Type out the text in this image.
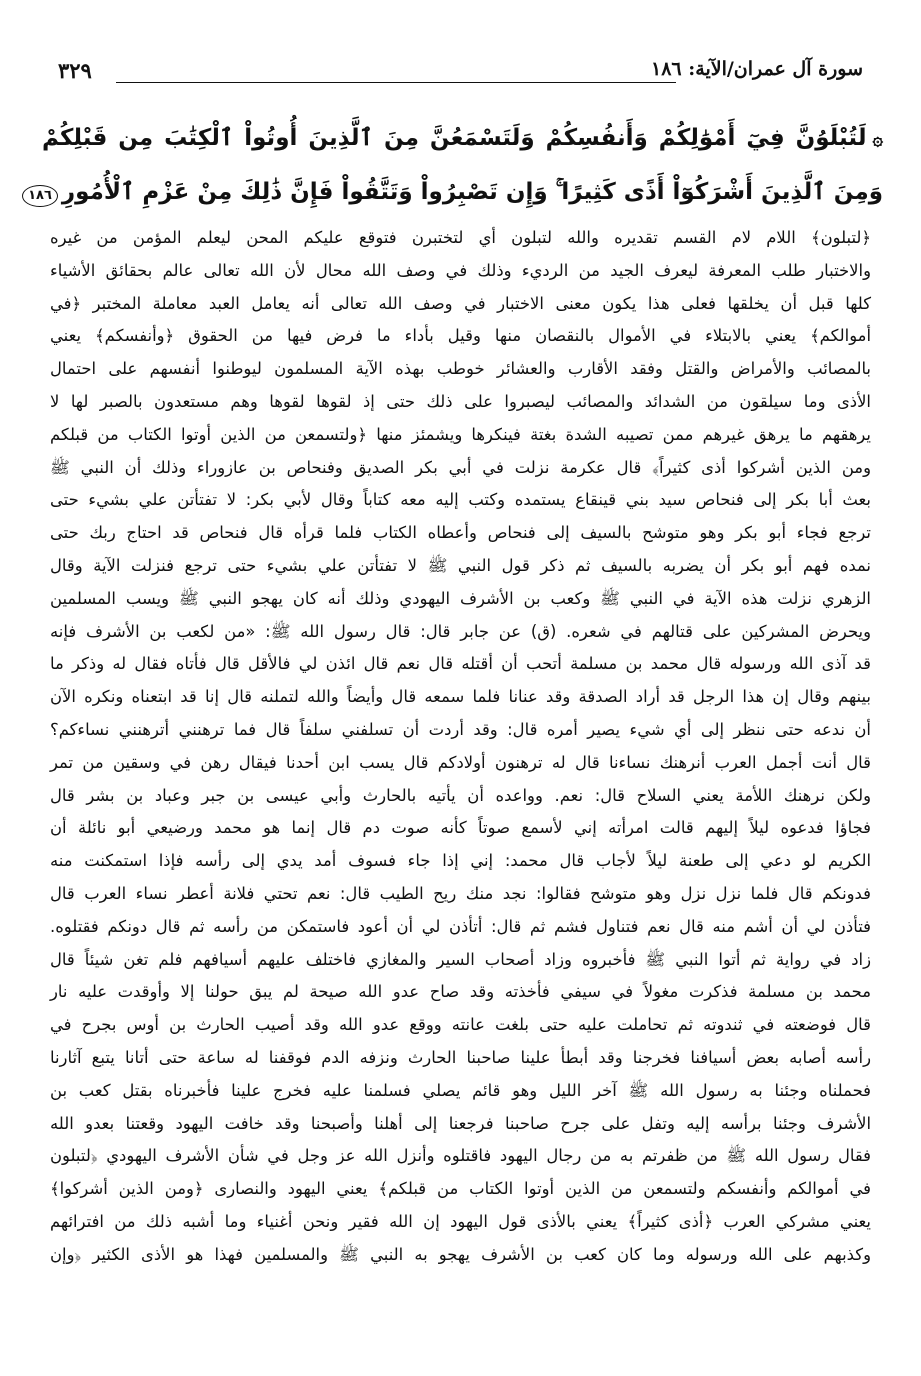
سورة آل عمران/الآية: ١٨٦
٣٢٩
۞لَتُبْلَوُنَّ فِيٓ أَمْوَٰلِكُمْ وَأَنفُسِكُمْ وَلَتَسْمَعُنَّ مِنَ ٱلَّذِينَ أُوتُواْ ٱلْكِتَٰبَ مِن قَبْلِكُمْ
وَمِنَ ٱلَّذِينَ أَشْرَكُوٓاْ أَذًى كَثِيرًا ۚ وَإِن تَصْبِرُواْ وَتَتَّقُواْ فَإِنَّ ذَٰلِكَ مِنْ عَزْمِ ٱلْأُمُورِ١٨٦
﴿لتبلون﴾ اللام لام القسم تقديره والله لتبلون أي لتختبرن فتوقع عليكم المحن ليعلم المؤمن من غيره
والاختبار طلب المعرفة ليعرف الجيد من الرديء وذلك في وصف الله محال لأن الله تعالى عالم بحقائق الأشياء
كلها قبل أن يخلقها فعلى هذا يكون معنى الاختبار في وصف الله تعالى أنه يعامل العبد معاملة المختبر ﴿في
أموالكم﴾ يعني بالابتلاء في الأموال بالنقصان منها وقيل بأداء ما فرض فيها من الحقوق ﴿وأنفسكم﴾ يعني
بالمصائب والأمراض والقتل وفقد الأقارب والعشائر خوطب بهذه الآية المسلمون ليوطنوا أنفسهم على احتمال
الأذى وما سيلقون من الشدائد والمصائب ليصبروا على ذلك حتى إذ لقوها لقوها وهم مستعدون بالصبر لها لا
يرهقهم ما يرهق غيرهم ممن تصيبه الشدة بغتة فينكرها ويشمئز منها ﴿ولتسمعن من الذين أوتوا الكتاب من قبلكم
ومن الذين أشركوا أذى كثيراً﴾ قال عكرمة نزلت في أبي بكر الصديق وفنحاص بن عازوراء وذلك أن النبي ﷺ
بعث أبا بكر إلى فنحاص سيد بني قينقاع يستمده وكتب إليه معه كتاباً وقال لأبي بكر: لا تفتأتن علي بشيء حتى
ترجع فجاء أبو بكر وهو متوشح بالسيف إلى فنحاص وأعطاه الكتاب فلما قرأه قال فنحاص قد احتاج ربك حتى
نمده فهم أبو بكر أن يضربه بالسيف ثم ذكر قول النبي ﷺ لا تفتأتن علي بشيء حتى ترجع فنزلت الآية وقال
الزهري نزلت هذه الآية في النبي ﷺ وكعب بن الأشرف اليهودي وذلك أنه كان يهجو النبي ﷺ ويسب المسلمين
ويحرض المشركين على قتالهم في شعره. (ق) عن جابر قال: قال رسول الله ﷺ: «من لكعب بن الأشرف فإنه
قد آذى الله ورسوله قال محمد بن مسلمة أتحب أن أقتله قال نعم قال ائذن لي فالأقل قال فأتاه فقال له وذكر ما
بينهم وقال إن هذا الرجل قد أراد الصدقة وقد عنانا فلما سمعه قال وأيضاً والله لتملنه قال إنا قد ابتعناه ونكره الآن
أن ندعه حتى ننظر إلى أي شيء يصير أمره قال: وقد أردت أن تسلفني سلفاً قال فما ترهنني أترهنني نساءكم؟
قال أنت أجمل العرب أنرهنك نساءنا قال له ترهنون أولادكم قال يسب ابن أحدنا فيقال رهن في وسقين من تمر
ولكن نرهنك اللأمة يعني السلاح قال: نعم. وواعده أن يأتيه بالحارث وأبي عيسى بن جبر وعباد بن بشر قال
فجاؤا فدعوه ليلاً إليهم قالت امرأته إني لأسمع صوتاً كأنه صوت دم قال إنما هو محمد ورضيعي أبو نائلة أن
الكريم لو دعي إلى طعنة ليلاً لأجاب قال محمد: إني إذا جاء فسوف أمد يدي إلى رأسه فإذا استمكنت منه
فدونكم قال فلما نزل نزل وهو متوشح فقالوا: نجد منك ريح الطيب قال: نعم تحتي فلانة أعطر نساء العرب قال
فتأذن لي أن أشم منه قال نعم فتناول فشم ثم قال: أتأذن لي أن أعود فاستمكن من رأسه ثم قال دونكم فقتلوه.
زاد في رواية ثم أتوا النبي ﷺ فأخبروه وزاد أصحاب السير والمغازي فاختلف عليهم أسيافهم فلم تغن شيئاً قال
محمد بن مسلمة فذكرت مغولاً في سيفي فأخذته وقد صاح عدو الله صيحة لم يبق حولنا إلا وأوقدت عليه نار
قال فوضعته في ثندوته ثم تحاملت عليه حتى بلغت عانته ووقع عدو الله وقد أصيب الحارث بن أوس بجرح في
رأسه أصابه بعض أسيافنا فخرجنا وقد أبطأ علينا صاحبنا الحارث ونزفه الدم فوقفنا له ساعة حتى أتانا يتبع آثارنا
فحملناه وجئنا به رسول الله ﷺ آخر الليل وهو قائم يصلي فسلمنا عليه فخرج علينا فأخبرناه بقتل كعب بن
الأشرف وجئنا برأسه إليه وتفل على جرح صاحبنا فرجعنا إلى أهلنا وأصبحنا وقد خافت اليهود وقعتنا بعدو الله
فقال رسول الله ﷺ من ظفرتم به من رجال اليهود فاقتلوه وأنزل الله عز وجل في شأن الأشرف اليهودي ﴿لتبلون
في أموالكم وأنفسكم ولتسمعن من الذين أوتوا الكتاب من قبلكم﴾ يعني اليهود والنصارى ﴿ومن الذين أشركوا﴾
يعني مشركي العرب ﴿أذى كثيراً﴾ يعني بالأذى قول اليهود إن الله فقير ونحن أغنياء وما أشبه ذلك من افترائهم
وكذبهم على الله ورسوله وما كان كعب بن الأشرف يهجو به النبي ﷺ والمسلمين فهذا هو الأذى الكثير ﴿وإن
